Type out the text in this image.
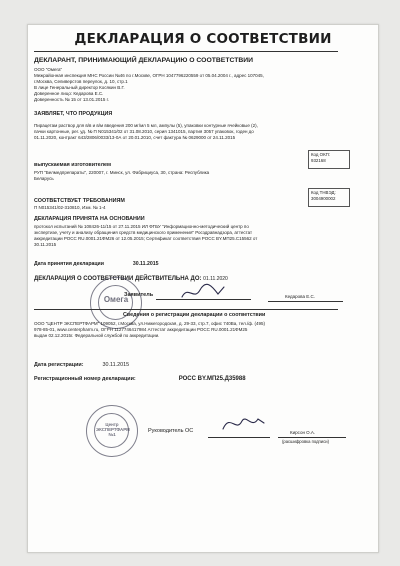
ДЕКЛАРАЦИЯ О СООТВЕТСТВИИ
ДЕКЛАРАНТ, ПРИНИМАЮЩИЙ ДЕКЛАРАЦИЮ О СООТВЕТСТВИИ
ООО "Омега"
Межрайонная инспекция МНС России №46 по г.Москве, ОГРН 1047796220559 от 05.04.2004 г., адрес 107045,
г.Москва, Селиверстов переулок, д. 10, стр.1
В лице Генеральный директор Косякин В.Г.
Доверенное лицо: Кедарова Е.С.
Доверенность № 15 от 13.01.2015 г.
ЗАЯВЛЯЕТ, ЧТО ПРОДУКЦИЯ
Пирацетам раствор для в/в и в/м введения 200 мг/мл 5 мл, ампулы (5), упаковки контурные ячейковые (2),
пачки картонные, рег. уд. № П N015341/02 от 31.08.2010, серия 1341015, партия 3057 упаковок, годен до
01.11.2020, контракт 643/2806/0033/13-0А от 20.01.2010, счет фактура № 0629000 от 24.11.2015
Код ОКП:
932168
выпускаемая изготовителем
РУП "Белмедпрепараты", 220007, г. Минск, ул. Фабрициуса, 30, страна: Республика
Беларусь
Код ТНВЭД:
3004900002
СООТВЕТСТВУЕТ ТРЕБОВАНИЯМ
П N015341/02-310810, Изм. № 1-4
ДЕКЛАРАЦИЯ ПРИНЯТА НА ОСНОВАНИИ
протокол испытаний № 108426-11/15 от 27.11.2015 ИЛ ФГБУ "Информационно-методический центр по
экспертизе, учету и анализу обращения средств медицинского применения" Росздравнадзора, аттестат
аккредитации РОСС RU.0001.21ФМ26 от 12.05.2015; Сертификат соответствия РОСС BY.МП25.С15562 от
30.11.2015
Дата принятия декларации	30.11.2015
ДЕКЛАРАЦИЯ О СООТВЕТСТВИИ ДЕЙСТВИТЕЛЬНА ДО: 01.11.2020
Омега
Заявитель	Кедарова Е.С.
Сведения о регистрации декларации о соответствии
ООО "ЦЕНТР ЭКСПЕРТФАРМ" 109052, г.Москва, ул.Нижегородская, д. 29-33, стр.7, офис 740Ва, тел./ф. (495)
978-85-01, www.centerpharm.ru, ОГРН 1127746417984 Аттестат аккредитации РОСС RU.0001.21ФМ25
выдан 02.12.2015г. Федеральной службой по аккредитации.
Дата регистрации:	30.11.2015
Регистрационный номер декларации:	РОСС BY.МП25.Д35988
Центр ЭКСПЕРТФАРМ №1
Руководитель ОС	Кирсон О.А.
(расшифровка подписи)
